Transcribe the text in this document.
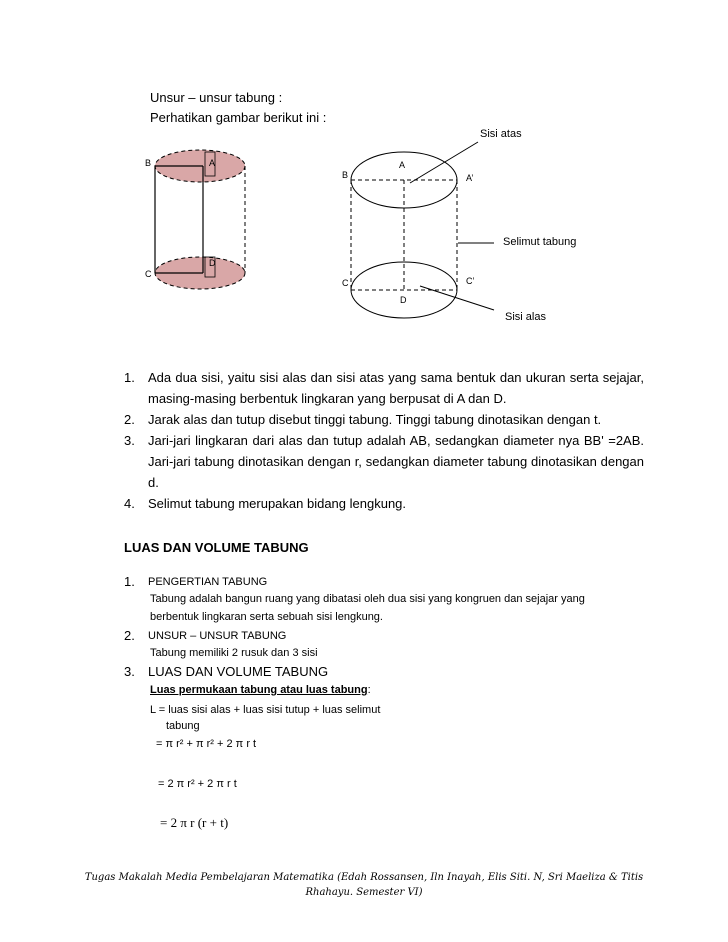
Unsur – unsur tabung :
Perhatikan gambar berikut ini :
B	A
C
D
A
B	A’
C	C’
D
Sisi atas
Selimut tabung
Sisi alas
1.	Ada dua sisi, yaitu sisi alas dan sisi atas yang sama bentuk dan ukuran serta sejajar, masing-masing berbentuk lingkaran yang berpusat di A dan D.
2.	Jarak alas dan tutup disebut tinggi tabung. Tinggi tabung dinotasikan dengan t.
3.	Jari-jari lingkaran dari alas dan tutup adalah AB, sedangkan diameter nya BB' =2AB. Jari-jari tabung dinotasikan dengan r, sedangkan diameter tabung dinotasikan dengan d.
4.	Selimut tabung merupakan bidang lengkung.
LUAS DAN VOLUME TABUNG
1. PENGERTIAN TABUNG
Tabung adalah bangun ruang yang dibatasi oleh dua sisi yang kongruen dan sejajar yang
berbentuk lingkaran serta sebuah sisi lengkung.
2. UNSUR – UNSUR TABUNG
Tabung memiliki 2 rusuk dan 3 sisi
3. LUAS DAN VOLUME TABUNG
Luas permukaan tabung atau luas tabung:
L = luas sisi alas + luas sisi tutup + luas selimut
tabung
= π r² + π r² + 2 π r t
= 2 π r² + 2 π r t
= 2 π r (r + t)
Tugas Makalah Media Pembelajaran Matematika (Edah Rossansen, Iln Inayah, Elis Siti. N, Sri Maeliza & Titis
Rhahayu. Semester VI)
